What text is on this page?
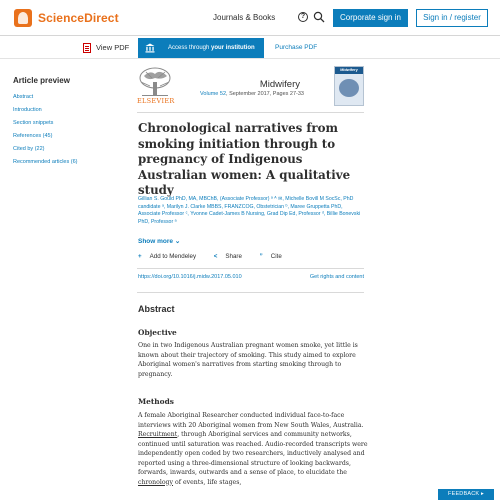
ScienceDirect	Journals & Books	?	Corporate sign in	Sign in / register
View PDF	Access through your institution	Purchase PDF
Article preview
Abstract
Introduction
Section snippets
References (45)
Cited by (22)
Recommended articles (6)
ELSEVIER
Midwifery
Volume 52, September 2017, Pages 27-33
Midwifery
Chronological narratives from smoking initiation through to pregnancy of Indigenous Australian women: A qualitative study
Gillian S. Gould PhD, MA, MBChB, (Associate Professor) ᵃ ᴬ ✉, Michelle Bovill M SocSc, PhD candidate ᵃ, Marilyn J. Clarke MBBS, FRANZCOG, Obstetrician ᵇ, Maree Gruppetta PhD, Associate Professor ᶜ, Yvonne Cadet-James B Nursing, Grad Dip Ed, Professor ᵈ, Billie Bonevski PhD, Professor ᵃ
Show more ⌄
+ Add to Mendeley	< Share	” Cite
https://doi.org/10.1016/j.midw.2017.05.010	Get rights and content
Abstract
Objective

One in two Indigenous Australian pregnant women smoke, yet little is known about their trajectory of smoking. This study aimed to explore Aboriginal women's narratives from starting smoking through to pregnancy.

Methods

A female Aboriginal Researcher conducted individual face-to-face interviews with 20 Aboriginal women from New South Wales, Australia. Recruitment, through Aboriginal services and community networks, continued until saturation was reached. Audio-recorded transcripts were independently open coded by two researchers, inductively analysed and reported using a three-dimensional structure of looking backwards, forwards, inwards, outwards and a sense of place, to elucidate the chronology of events, life stages,

FEEDBACK ▸
